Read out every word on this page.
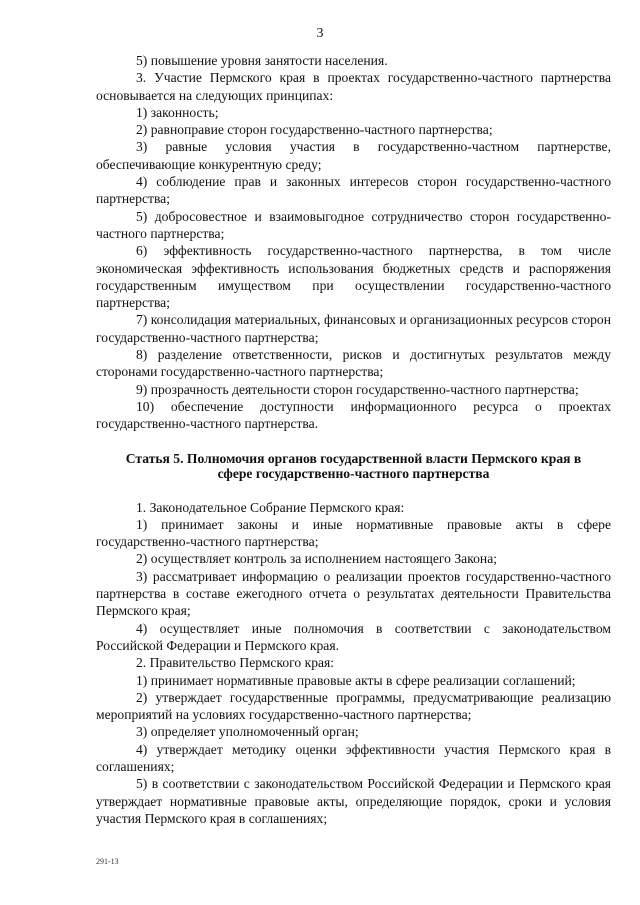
3

5) повышение уровня занятости населения.

3. Участие Пермского края в проектах государственно-частного партнерства основывается на следующих принципах:

1) законность;

2) равноправие сторон государственно-частного партнерства;

3) равные условия участия в государственно-частном партнерстве, обеспечивающие конкурентную среду;

4) соблюдение прав и законных интересов сторон государственно-частного партнерства;

5) добросовестное и взаимовыгодное сотрудничество сторон государственно-частного партнерства;

6) эффективность государственно-частного партнерства, в том числе экономическая эффективность использования бюджетных средств и распоряжения государственным имуществом при осуществлении государственно-частного партнерства;

7) консолидация материальных, финансовых и организационных ресурсов сторон государственно-частного партнерства;

8) разделение ответственности, рисков и достигнутых результатов между сторонами государственно-частного партнерства;

9) прозрачность деятельности сторон государственно-частного партнерства;

10) обеспечение доступности информационного ресурса о проектах государственно-частного партнерства.

Статья 5. Полномочия органов государственной власти Пермского края в сфере государственно-частного партнерства

1. Законодательное Собрание Пермского края:

1) принимает законы и иные нормативные правовые акты в сфере государственно-частного партнерства;

2) осуществляет контроль за исполнением настоящего Закона;

3) рассматривает информацию о реализации проектов государственно-частного партнерства в составе ежегодного отчета о результатах деятельности Правительства Пермского края;

4) осуществляет иные полномочия в соответствии с законодательством Российской Федерации и Пермского края.

2. Правительство Пермского края:

1) принимает нормативные правовые акты в сфере реализации соглашений;

2) утверждает государственные программы, предусматривающие реализацию мероприятий на условиях государственно-частного партнерства;

3) определяет уполномоченный орган;

4) утверждает методику оценки эффективности участия Пермского края в соглашениях;

5) в соответствии с законодательством Российской Федерации и Пермского края утверждает нормативные правовые акты, определяющие порядок, сроки и условия участия Пермского края в соглашениях;

291-13
